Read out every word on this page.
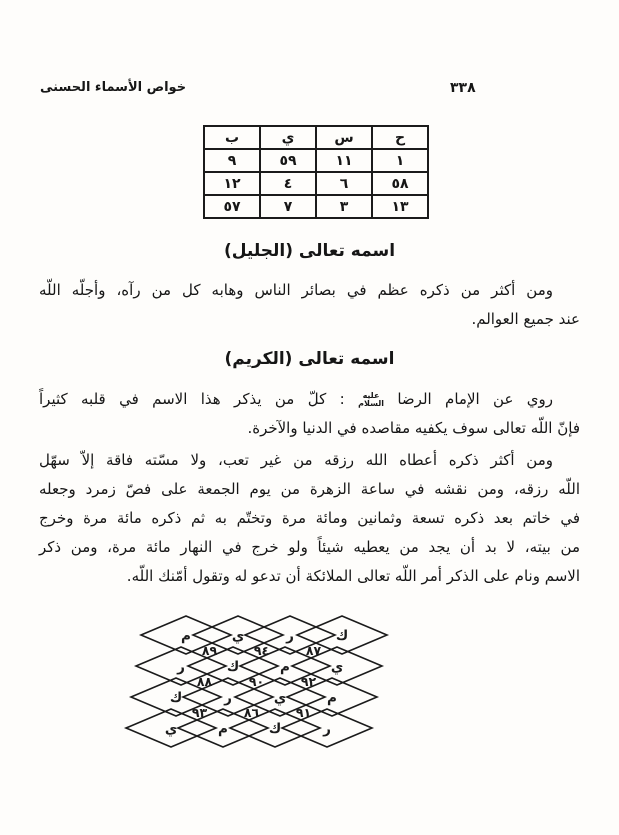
خواص الأسماء الحسنى	٣٣٨
ح	س	ي	ب
١	١١	٥٩	٩
٥٨	٦	٤	١٢
١٣	٣	٧	٥٧
اسمه تعالى (الجليل)
ومن أكثر من ذكره عظم في بصائر الناس وهابه كل من رآه، وأجلّه اللّه
عند جميع العوالم.
اسمه تعالى (الكريم)
روي عن الإمام الرضا عليه السلام : كلّ من يذكر هذا الاسم في قلبه كثيراً
فإنّ اللّه تعالى سوف يكفيه مقاصده في الدنيا والآخرة.
ومن أكثر ذكره أعطاه الله رزقه من غير تعب، ولا مسّته فاقة إلاّ سهّل
اللّه رزقه، ومن نقشه في ساعة الزهرة من يوم الجمعة على فصّ زمرد وجعله
في خاتم بعد ذكره تسعة وثمانين ومائة مرة وتختّم به ثم ذكره مائة مرة وخرج
من بيته، لا بد أن يجد من يعطيه شيئاً ولو خرج في النهار مائة مرة، ومن ذكر
الاسم ونام على الذكر أمر اللّه تعالى الملائكة أن تدعو له وتقول أمّنك اللّه.
ك
ر
ي
م
ي
م
ك
ر
م
ي
ر
ك
ر
ك
م
ي
٨٧
٩٤
٨٩
٩٢
٩٠
٨٨
٩١
٨٦
٩٣
